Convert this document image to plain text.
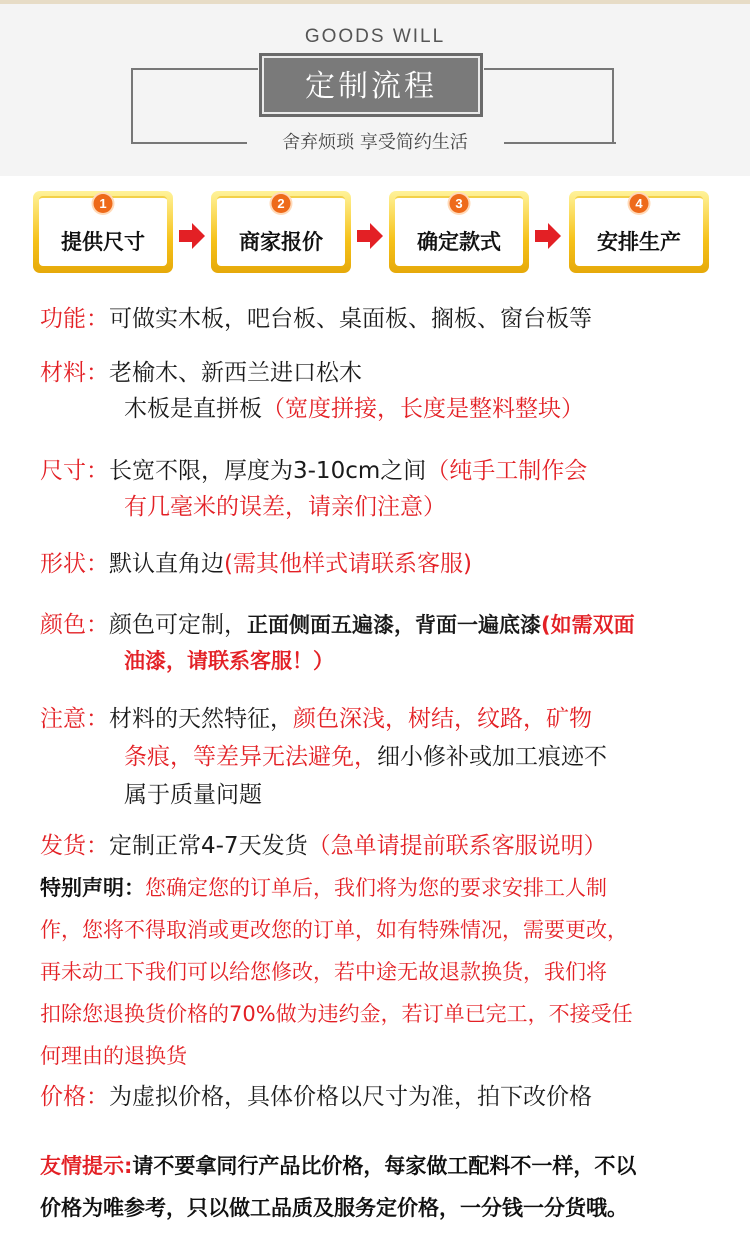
GOODS WILL
定制流程
舍弃烦琐 享受简约生活
1
提供尺寸
2
商家报价
3
确定款式
4
安排生产
功能：可做实木板，吧台板、桌面板、搁板、窗台板等
材料：老榆木、新西兰进口松木
木板是直拼板（宽度拼接，长度是整料整块）
尺寸：长宽不限，厚度为3-10cm之间（纯手工制作会
有几毫米的误差，请亲们注意）
形状：默认直角边(需其他样式请联系客服)
颜色：颜色可定制，正面侧面五遍漆，背面一遍底漆(如需双面
油漆，请联系客服！）
注意：材料的天然特征，颜色深浅，树结，纹路，矿物
条痕，等差异无法避免，细小修补或加工痕迹不
属于质量问题
发货：定制正常4-7天发货（急单请提前联系客服说明）
特别声明：您确定您的订单后，我们将为您的要求安排工人制
作，您将不得取消或更改您的订单，如有特殊情况，需要更改，
再未动工下我们可以给您修改，若中途无故退款换货，我们将
扣除您退换货价格的70%做为违约金，若订单已完工，不接受任
何理由的退换货
价格：为虚拟价格，具体价格以尺寸为准，拍下改价格
友情提示:请不要拿同行产品比价格，每家做工配料不一样，不以
价格为唯参考，只以做工品质及服务定价格，一分钱一分货哦。
